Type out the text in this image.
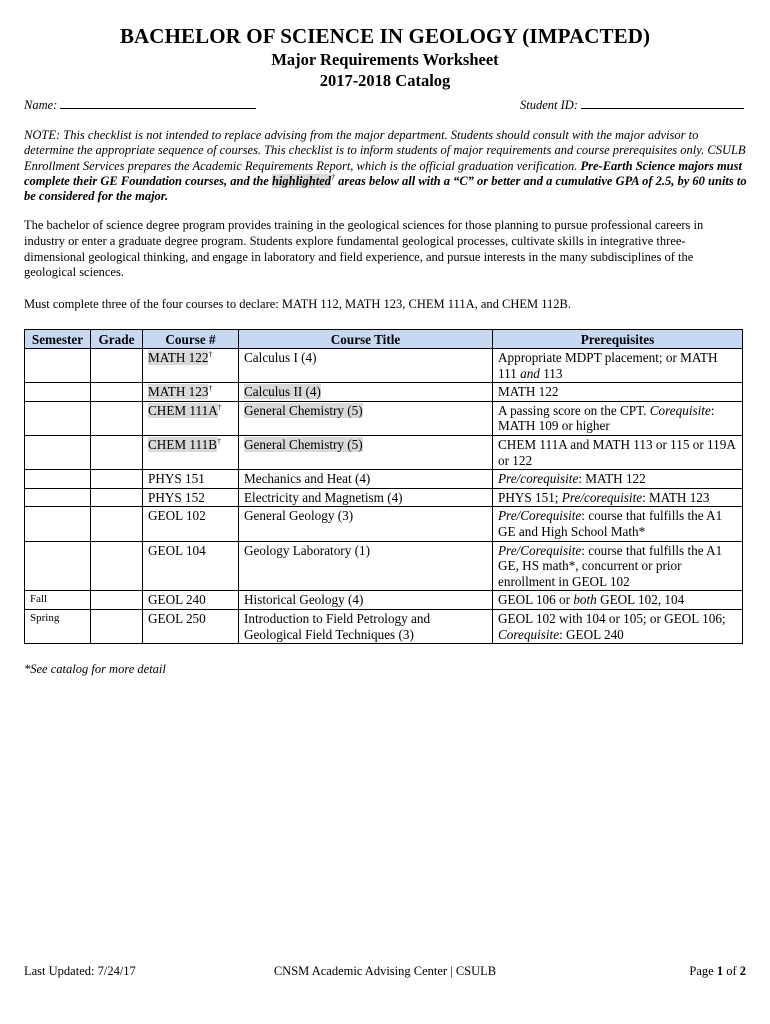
BACHELOR OF SCIENCE IN GEOLOGY (IMPACTED)
Major Requirements Worksheet
2017-2018 Catalog
Name:	Student ID:

NOTE: This checklist is not intended to replace advising from the major department. Students should consult with the major advisor to determine the appropriate sequence of courses. This checklist is to inform students of major requirements and course prerequisites only. CSULB Enrollment Services prepares the Academic Requirements Report, which is the official graduation verification. Pre-Earth Science majors must complete their GE Foundation courses, and the highlighted† areas below all with a “C” or better and a cumulative GPA of 2.5, by 60 units to be considered for the major.

The bachelor of science degree program provides training in the geological sciences for those planning to pursue professional careers in industry or enter a graduate degree program. Students explore fundamental geological processes, cultivate skills in integrative three-dimensional geological thinking, and engage in laboratory and field experience, and pursue interests in the many subdisciplines of the geological sciences.

Must complete three of the four courses to declare: MATH 112, MATH 123, CHEM 111A, and CHEM 112B.

Semester	Grade	Course #	Course Title	Prerequisites
		MATH 122†	Calculus I (4)	Appropriate MDPT placement; or MATH 111 and 113
		MATH 123†	Calculus II (4)	MATH 122
		CHEM 111A†	General Chemistry (5)	A passing score on the CPT. Corequisite: MATH 109 or higher
		CHEM 111B†	General Chemistry (5)	CHEM 111A and MATH 113 or 115 or 119A or 122
		PHYS 151	Mechanics and Heat (4)	Pre/corequisite: MATH 122
		PHYS 152	Electricity and Magnetism (4)	PHYS 151; Pre/corequisite: MATH 123
		GEOL 102	General Geology (3)	Pre/Corequisite: course that fulfills the A1 GE and High School Math*
		GEOL 104	Geology Laboratory (1)	Pre/Corequisite: course that fulfills the A1 GE, HS math*, concurrent or prior enrollment in GEOL 102
Fall		GEOL 240	Historical Geology (4)	GEOL 106 or both GEOL 102, 104
Spring		GEOL 250	Introduction to Field Petrology and Geological Field Techniques (3)	GEOL 102 with 104 or 105; or GEOL 106; Corequisite: GEOL 240
*See catalog for more detail
Last Updated: 7/24/17	CNSM Academic Advising Center | CSULB	Page 1 of 2
